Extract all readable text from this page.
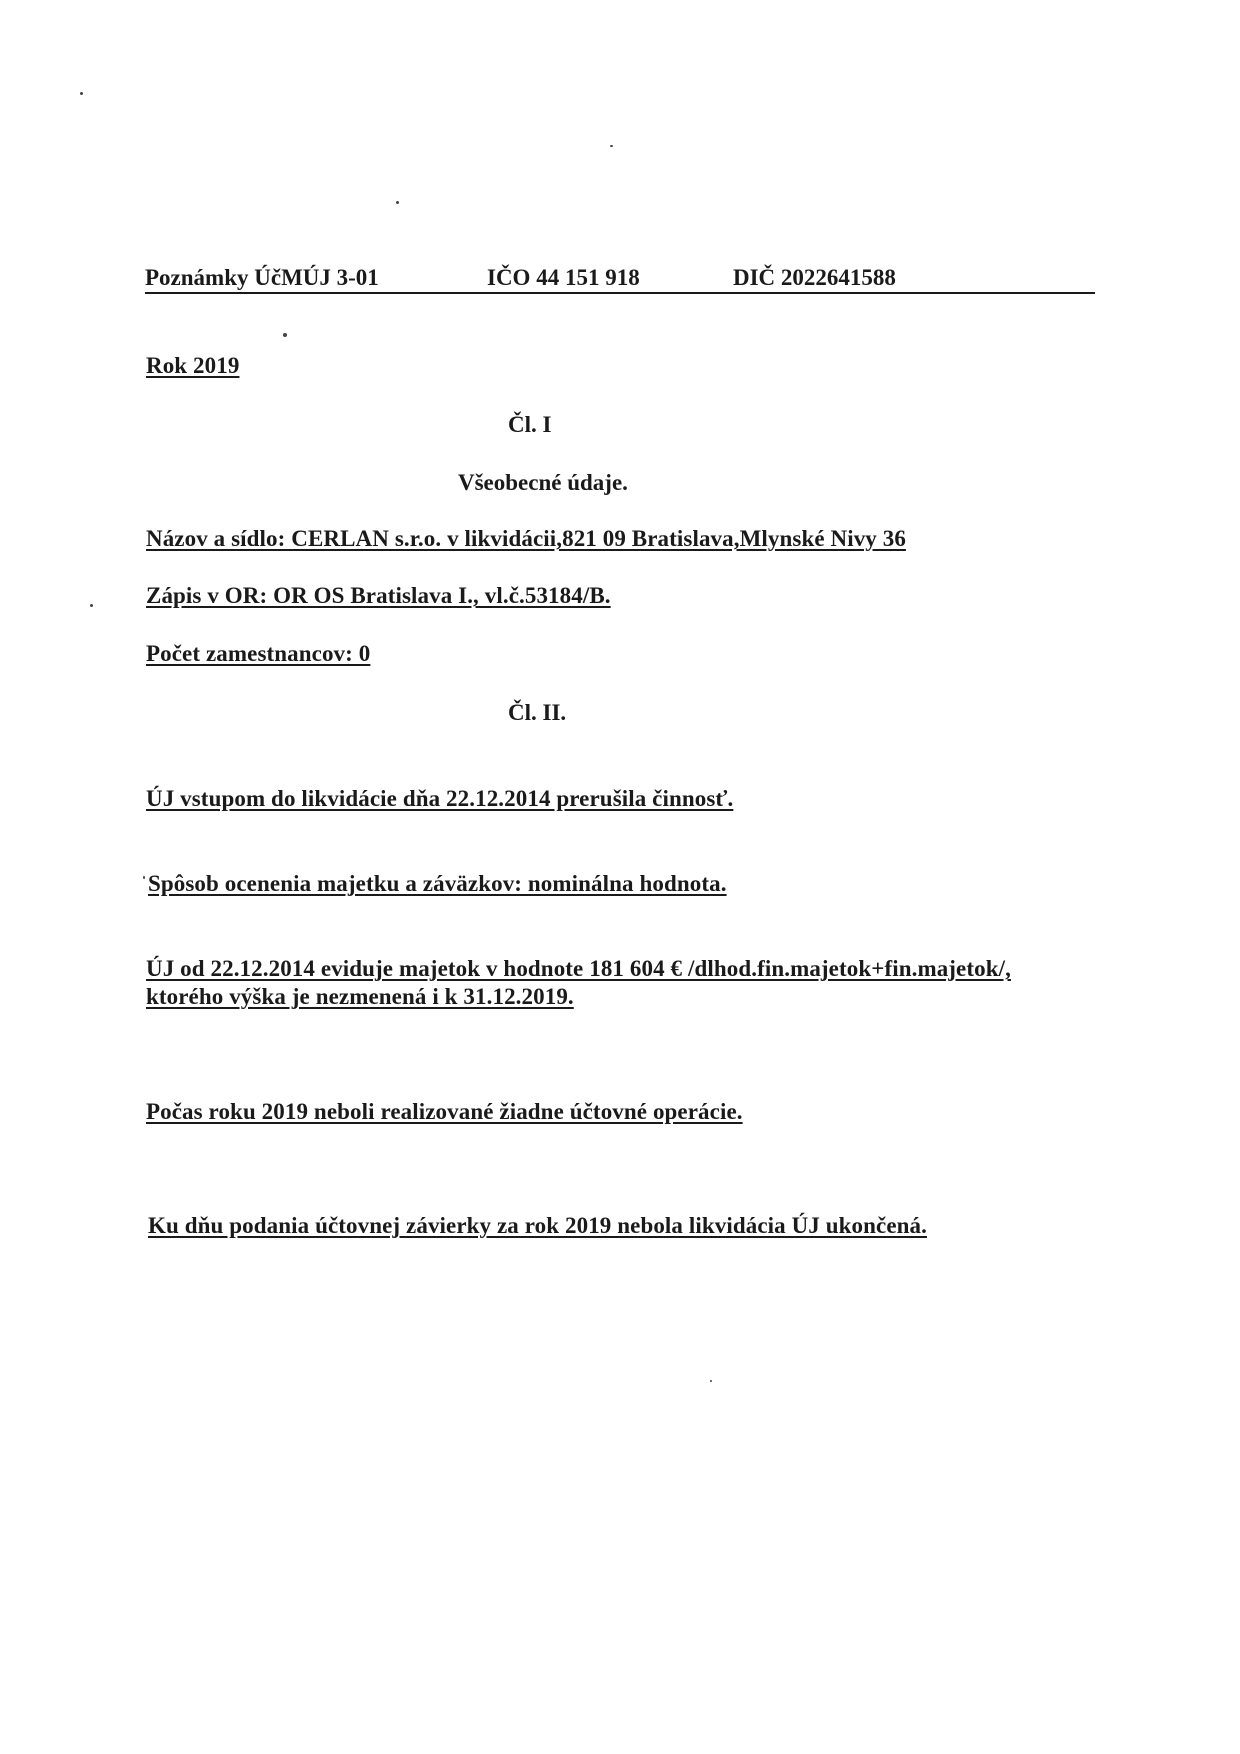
Poznámky ÚčMÚJ 3-01	IČO 44 151 918	DIČ 2022641588
Rok 2019
Čl. I
Všeobecné údaje.
Názov a sídlo: CERLAN s.r.o. v likvidácii,821 09 Bratislava,Mlynské Nivy 36
Zápis v OR: OR OS Bratislava I., vl.č.53184/B.
Počet zamestnancov: 0
Čl. II.
ÚJ vstupom do likvidácie dňa 22.12.2014 prerušila činnosť.
Spôsob ocenenia majetku a záväzkov: nominálna hodnota.
ÚJ od 22.12.2014 eviduje majetok v hodnote 181 604 € /dlhod.fin.majetok+fin.majetok/,
ktorého výška je nezmenená i k 31.12.2019.
Počas roku 2019 neboli realizované žiadne účtovné operácie.
Ku dňu podania účtovnej závierky za rok 2019 nebola likvidácia ÚJ ukončená.
